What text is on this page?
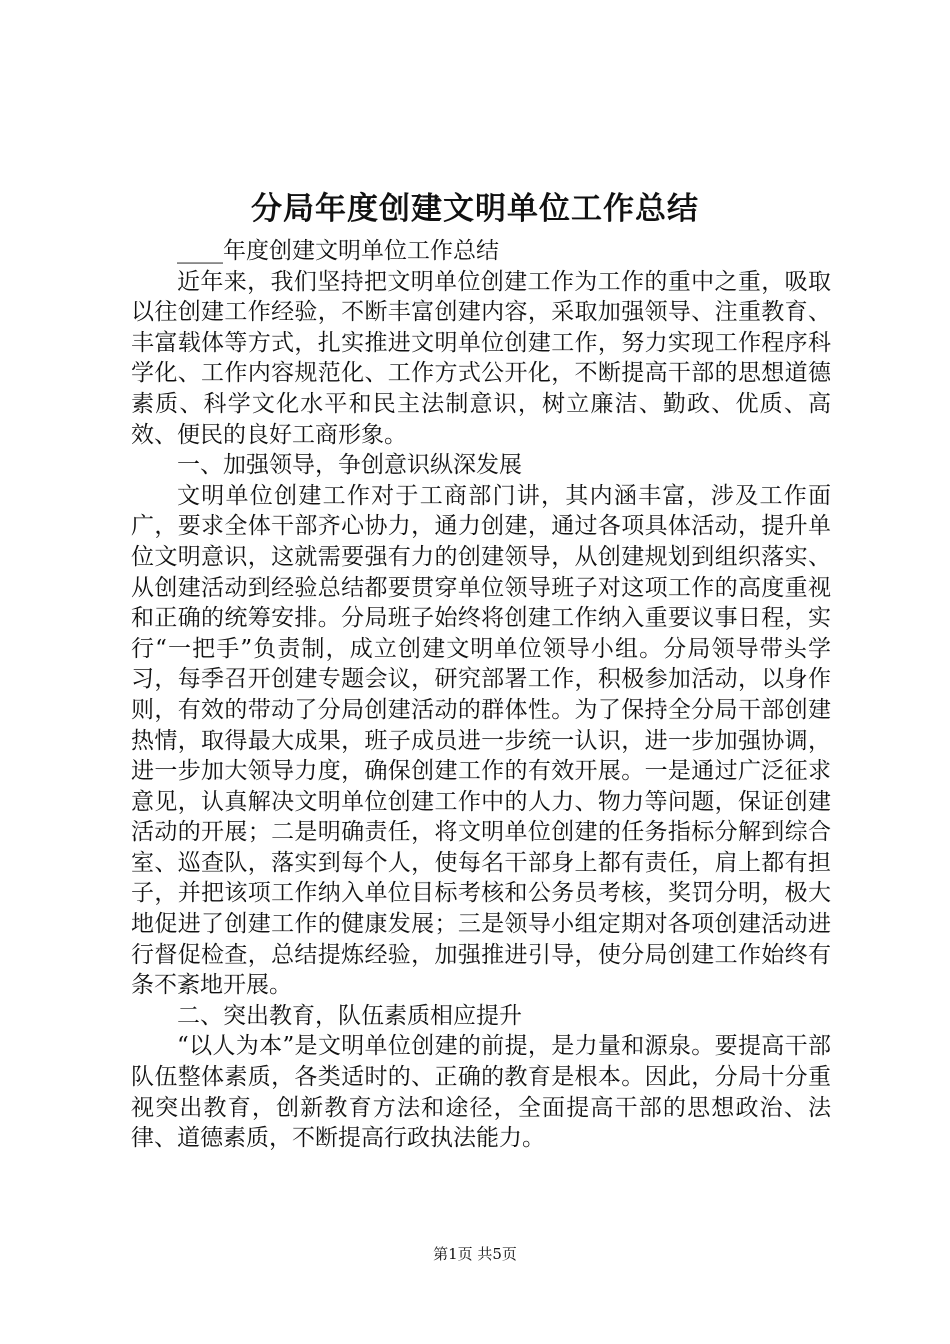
分局年度创建文明单位工作总结

____年度创建文明单位工作总结

近年来，我们坚持把文明单位创建工作为工作的重中之重，吸取以往创建工作经验，不断丰富创建内容，采取加强领导、注重教育、丰富载体等方式，扎实推进文明单位创建工作，努力实现工作程序科学化、工作内容规范化、工作方式公开化，不断提高干部的思想道德素质、科学文化水平和民主法制意识，树立廉洁、勤政、优质、高效、便民的良好工商形象。

一、加强领导，争创意识纵深发展

文明单位创建工作对于工商部门讲，其内涵丰富，涉及工作面广，要求全体干部齐心协力，通力创建，通过各项具体活动，提升单位文明意识，这就需要强有力的创建领导，从创建规划到组织落实、从创建活动到经验总结都要贯穿单位领导班子对这项工作的高度重视和正确的统筹安排。分局班子始终将创建工作纳入重要议事日程，实行“一把手”负责制，成立创建文明单位领导小组。分局领导带头学习，每季召开创建专题会议，研究部署工作，积极参加活动，以身作则，有效的带动了分局创建活动的群体性。为了保持全分局干部创建热情，取得最大成果，班子成员进一步统一认识，进一步加强协调，进一步加大领导力度，确保创建工作的有效开展。一是通过广泛征求意见，认真解决文明单位创建工作中的人力、物力等问题，保证创建活动的开展；二是明确责任，将文明单位创建的任务指标分解到综合室、巡查队，落实到每个人，使每名干部身上都有责任，肩上都有担子，并把该项工作纳入单位目标考核和公务员考核，奖罚分明，极大地促进了创建工作的健康发展；三是领导小组定期对各项创建活动进行督促检查，总结提炼经验，加强推进引导，使分局创建工作始终有条不紊地开展。

二、突出教育，队伍素质相应提升

“以人为本”是文明单位创建的前提，是力量和源泉。要提高干部队伍整体素质，各类适时的、正确的教育是根本。因此，分局十分重视突出教育，创新教育方法和途径，全面提高干部的思想政治、法律、道德素质，不断提高行政执法能力。

第1页 共5页
